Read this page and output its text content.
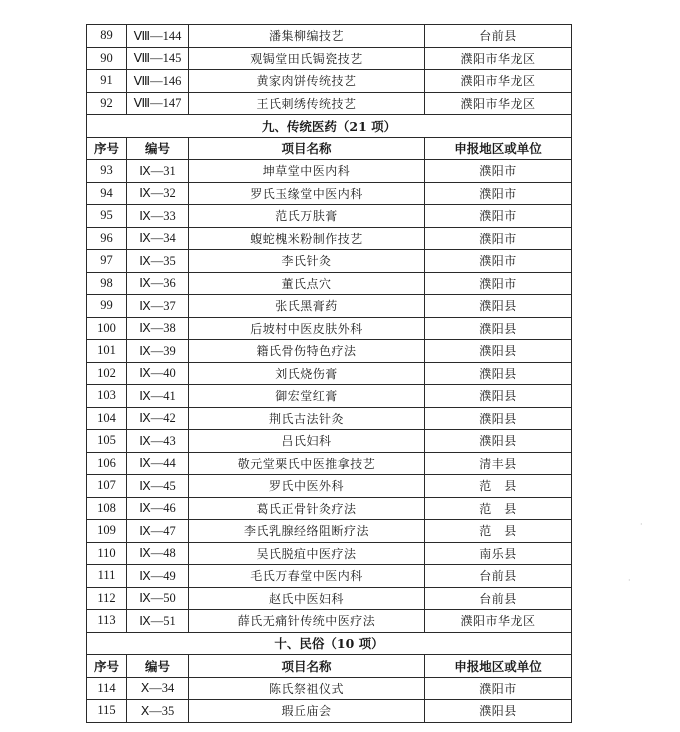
89	Ⅷ—144	潘集柳编技艺	台前县
90	Ⅷ—145	观锔堂田氏锔瓷技艺	濮阳市华龙区
91	Ⅷ—146	黄家肉饼传统技艺	濮阳市华龙区
92	Ⅷ—147	王氏刺绣传统技艺	濮阳市华龙区
九、传统医药（21 项）			
序号	编号	项目名称	申报地区或单位
93	Ⅸ—31	坤草堂中医内科	濮阳市
94	Ⅸ—32	罗氏玉缘堂中医内科	濮阳市
95	Ⅸ—33	范氏万肤膏	濮阳市
96	Ⅸ—34	蝮蛇槐米粉制作技艺	濮阳市
97	Ⅸ—35	李氏针灸	濮阳市
98	Ⅸ—36	董氏点穴	濮阳市
99	Ⅸ—37	张氏黑膏药	濮阳县
100	Ⅸ—38	后坡村中医皮肤外科	濮阳县
101	Ⅸ—39	籍氏骨伤特色疗法	濮阳县
102	Ⅸ—40	刘氏烧伤膏	濮阳县
103	Ⅸ—41	御宏堂红膏	濮阳县
104	Ⅸ—42	荆氏古法针灸	濮阳县
105	Ⅸ—43	吕氏妇科	濮阳县
106	Ⅸ—44	敬元堂栗氏中医推拿技艺	清丰县
107	Ⅸ—45	罗氏中医外科	范　县
108	Ⅸ—46	葛氏正骨针灸疗法	范　县
109	Ⅸ—47	李氏乳腺经络阻断疗法	范　县
110	Ⅸ—48	吴氏脱疽中医疗法	南乐县
111	Ⅸ—49	毛氏万春堂中医内科	台前县
112	Ⅸ—50	赵氏中医妇科	台前县
113	Ⅸ—51	薛氏无痛针传统中医疗法	濮阳市华龙区
十、民俗（10 项）			
序号	编号	项目名称	申报地区或单位
114	Ⅹ—34	陈氏祭祖仪式	濮阳市
115	Ⅹ—35	瑕丘庙会	濮阳县
·
·
